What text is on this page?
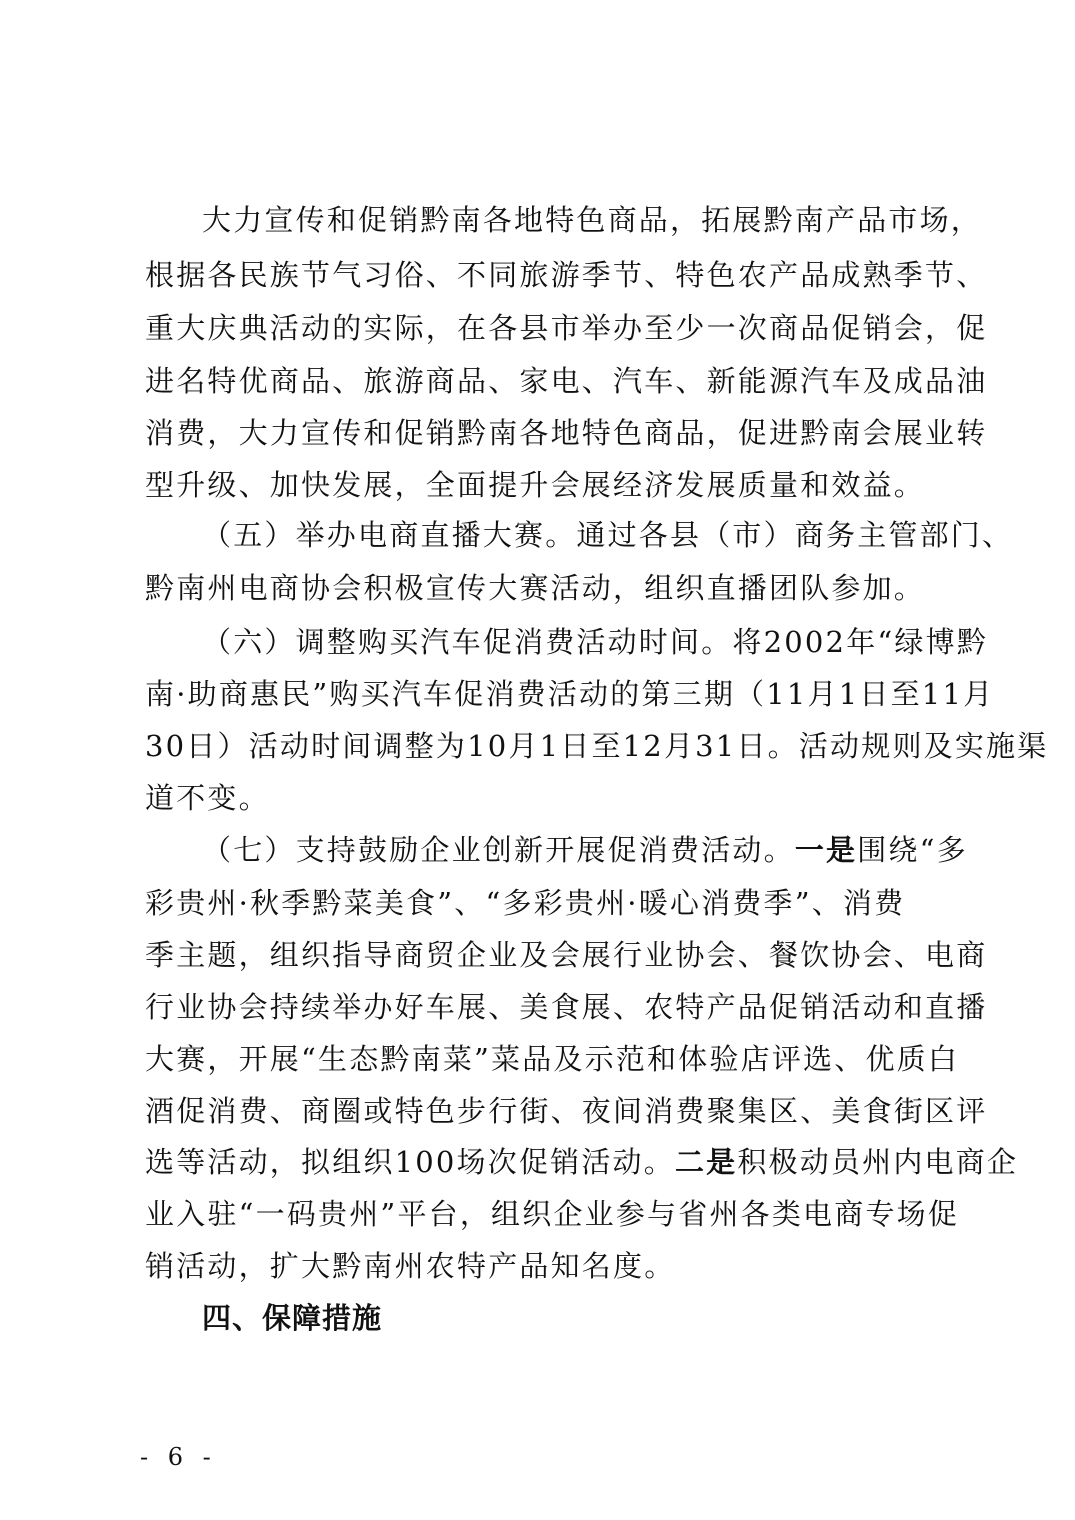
大力宣传和促销黔南各地特色商品，拓展黔南产品市场，
根据各民族节气习俗、不同旅游季节、特色农产品成熟季节、
重大庆典活动的实际，在各县市举办至少一次商品促销会，促
进名特优商品、旅游商品、家电、汽车、新能源汽车及成品油
消费，大力宣传和促销黔南各地特色商品，促进黔南会展业转
型升级、加快发展，全面提升会展经济发展质量和效益。
（五）举办电商直播大赛。通过各县（市）商务主管部门、
黔南州电商协会积极宣传大赛活动，组织直播团队参加。
（六）调整购买汽车促消费活动时间。将2002年“绿博黔
南·助商惠民”购买汽车促消费活动的第三期（11月1日至11月
30日）活动时间调整为10月1日至12月31日。活动规则及实施渠
道不变。
（七）支持鼓励企业创新开展促消费活动。一是围绕“多
彩贵州·秋季黔菜美食”、“多彩贵州·暖心消费季”、消费
季主题，组织指导商贸企业及会展行业协会、餐饮协会、电商
行业协会持续举办好车展、美食展、农特产品促销活动和直播
大赛，开展“生态黔南菜”菜品及示范和体验店评选、优质白
酒促消费、商圈或特色步行街、夜间消费聚集区、美食街区评
选等活动，拟组织100场次促销活动。二是积极动员州内电商企
业入驻“一码贵州”平台，组织企业参与省州各类电商专场促
销活动，扩大黔南州农特产品知名度。
四、保障措施
- 6 -
